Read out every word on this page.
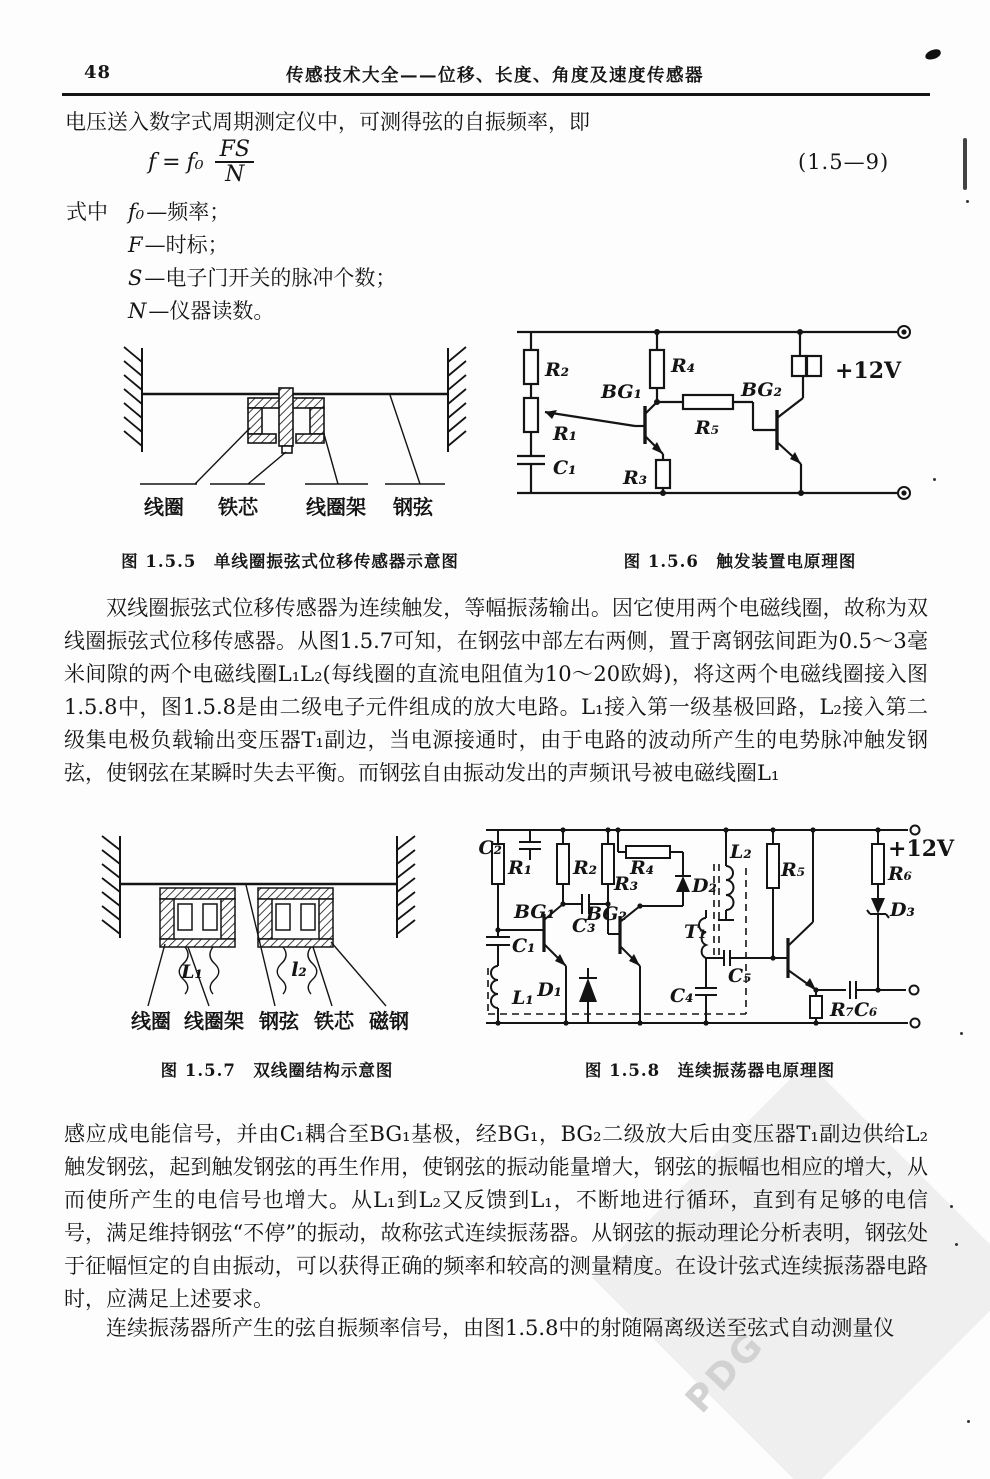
PDG
48	传感技术大全——位移、长度、角度及速度传感器
电压送入数字式周期测定仪中，可测得弦的自振频率，即
$f = f_0 \frac{FS}{N}$	(1.5—9)
式中 f₀—频率；
F—时标；
S—电子门开关的脉冲个数；
N—仪器读数。
线圈 铁芯 线圈架 钢弦
图 1.5.5　单线圈振弦式位移传感器示意图
R₂
R₁
C₁
R₄
BG₁
R₅
R₃
BG₂
+12V
图 1.5.6　触发装置电原理图
双线圈振弦式位移传感器为连续触发，等幅振荡输出。因它使用两个电磁线圈，故称为双线圈振弦式位移传感器。从图1.5.7可知，在钢弦中部左右两侧，置于离钢弦间距为0.5～3毫米间隙的两个电磁线圈L₁L₂(每线圈的直流电阻值为10～20欧姆)，将这两个电磁线圈接入图1.5.8中，图1.5.8是由二级电子元件组成的放大电路。L₁接入第一级基极回路，L₂接入第二级集电极负载输出变压器T₁副边，当电源接通时，由于电路的波动所产生的电势脉冲触发钢弦，使钢弦在某瞬时失去平衡。而钢弦自由振动发出的声频讯号被电磁线圈L₁
L₁	l₂
线圈 线圈架 钢弦 铁芯 磁钢
图 1.5.7　双线圈结构示意图
C₂
R₁ R₂
R₃
R₄
D₂
L₂
R₅
+12V
R₆
D₃
BG₁
C₃
BG₂
T₁
C₅
C₁
D₁	C₄
L₁
C₆
R₇
图 1.5.8　连续振荡器电原理图
感应成电能信号，并由C₁耦合至BG₁基极，经BG₁，BG₂二级放大后由变压器T₁副边供给L₂触发钢弦，起到触发钢弦的再生作用，使钢弦的振动能量增大，钢弦的振幅也相应的增大，从而使所产生的电信号也增大。从L₁到L₂又反馈到L₁，不断地进行循环，直到有足够的电信号，满足维持钢弦“不停”的振动，故称弦式连续振荡器。从钢弦的振动理论分析表明，钢弦处于征幅恒定的自由振动，可以获得正确的频率和较高的测量精度。在设计弦式连续振荡器电路时，应满足上述要求。
连续振荡器所产生的弦自振频率信号，由图1.5.8中的射随隔离级送至弦式自动测量仪
